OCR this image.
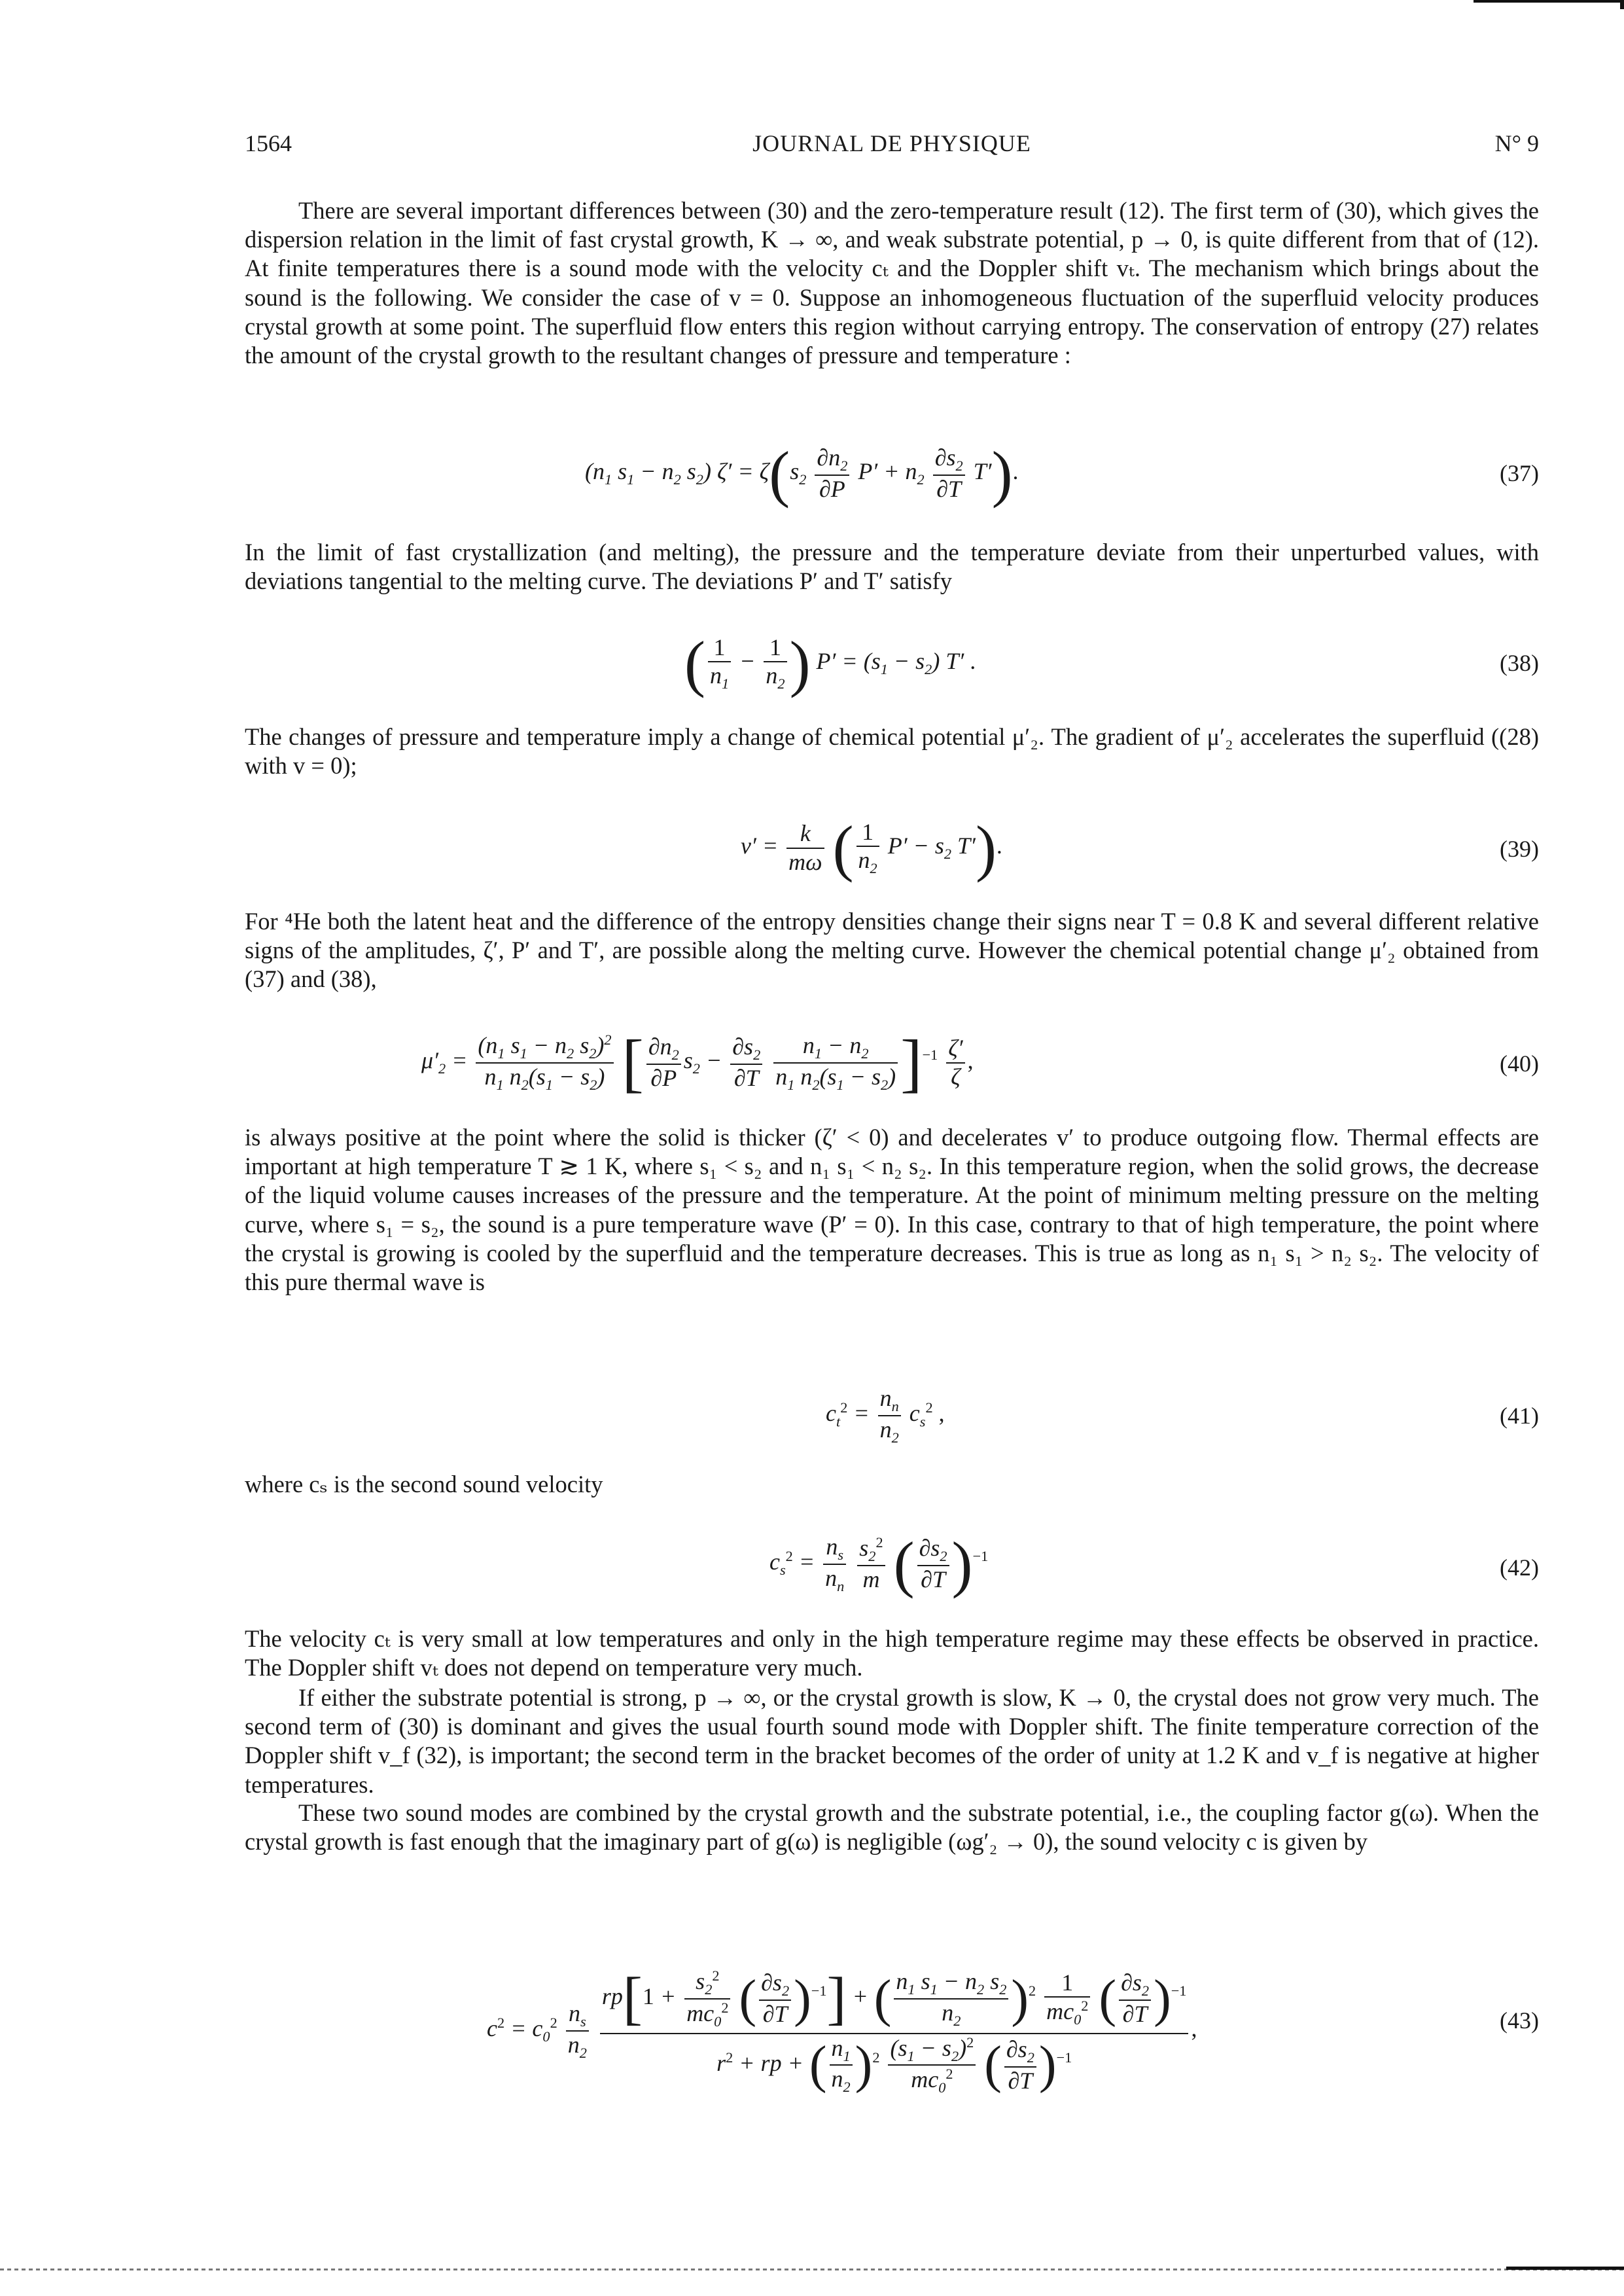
1564	JOURNAL DE PHYSIQUE	N° 9

There are several important differences between (30) and the zero-temperature result (12). The first term of (30), which gives the dispersion relation in the limit of fast crystal growth, K → ∞, and weak substrate potential, p → 0, is quite different from that of (12). At finite temperatures there is a sound mode with the velocity cₜ and the Doppler shift vₜ. The mechanism which brings about the sound is the following. We consider the case of v = 0. Suppose an inhomogeneous fluctuation of the superfluid velocity produces crystal growth at some point. The superfluid flow enters this region without carrying entropy. The conservation of entropy (27) relates the amount of the crystal growth to the resultant changes of pressure and temperature :

($n_1$ $s_1 - n_2$ $s_2$) $\zeta' = \zeta(s_2 \frac{\partial n_2}{\partial P} P' + n_2 \frac{\partial s_2}{\partial T} T')$.	(37)

In the limit of fast crystallization (and melting), the pressure and the temperature deviate from their unperturbed values, with deviations tangential to the melting curve. The deviations P′ and T′ satisfy

( $\frac{1}{n_1} - \frac{1}{n_2}$ ) $P' = (s_1 - s_2)$ T′ .	(38)

The changes of pressure and temperature imply a change of chemical potential μ′₂. The gradient of μ′₂ accelerates the superfluid ((28) with v = 0);

$v' = \frac{k}{m\omega}$ ( $\frac{1}{n_2} P' - s_2$ T′).	(39)

For ⁴He both the latent heat and the difference of the entropy densities change their signs near T = 0.8 K and several different relative signs of the amplitudes, ζ′, P′ and T′, are possible along the melting curve. However the chemical potential change μ′₂ obtained from (37) and (38),

$\mu'_2 = \frac{(n_1 s_1 - n_2 s_2)^2}{n_1 n_2(s_1 - s_2)}$ [ $\frac{\partial n_2}{\partial P} s_2 - \frac{\partial s_2}{\partial T}$
$\frac{n_1 - n_2}{n_1 n_2(s_1 - s_2)} ]^{-1} \frac{\zeta'}{\zeta}$ ,	(40)

is always positive at the point where the solid is thicker (ζ′ < 0) and decelerates v′ to produce outgoing flow. Thermal effects are important at high temperature T ≳ 1 K, where s₁ < s₂ and n₁ s₁ < n₂ s₂. In this temperature region, when the solid grows, the decrease of the liquid volume causes increases of the pressure and the temperature. At the point of minimum melting pressure on the melting curve, where s₁ = s₂, the sound is a pure temperature wave (P′ = 0). In this case, contrary to that of high temperature, the point where the crystal is growing is cooled by the superfluid and the temperature decreases. This is true as long as n₁ s₁ > n₂ s₂. The velocity of this pure thermal wave is

$c_t^2 = \frac{n_n}{n_2} c_s^2$ ,	(41)

where cₛ is the second sound velocity

$c_s^2 = \frac{n_s}{n_n}$
$\frac{s_2^2}{m}$ ( $\frac{\partial s_2}{\partial T} )^{-1}$	(42)

The velocity cₜ is very small at low temperatures and only in the high temperature regime may these effects be observed in practice. The Doppler shift vₜ does not depend on temperature very much.

If either the substrate potential is strong, p → ∞, or the crystal growth is slow, K → 0, the crystal does not grow very much. The second term of (30) is dominant and gives the usual fourth sound mode with Doppler shift. The finite temperature correction of the Doppler shift v_f (32), is important; the second term in the bracket becomes of the order of unity at 1.2 K and v_f is negative at higher temperatures.

These two sound modes are combined by the crystal growth and the substrate potential, i.e., the coupling factor g(ω). When the crystal growth is fast enough that the imaginary part of g(ω) is negligible (ωg′₂ → 0), the sound velocity c is given by

$c^2 = c_0^2 \frac{n_s}{n_2}$

$rp[1 + \frac{s_2^2}{mc_0^2}$ ( $\frac{\partial s_2}{\partial T} )^{-1}$] + ( $\frac{n_1 s_1 - n_2 s_2}{n_2} )^2 \frac{1}{mc_0^2}$ ( $\frac{\partial s_2}{\partial T} )^{-1}$
$r^2$ + rp + ( $\frac{n_1}{n_2} )^2 \frac{(s_1 - s_2)^2}{mc_0^2}$ ( $\frac{\partial s_2}{\partial T} )^{-1}$
,	(43)
